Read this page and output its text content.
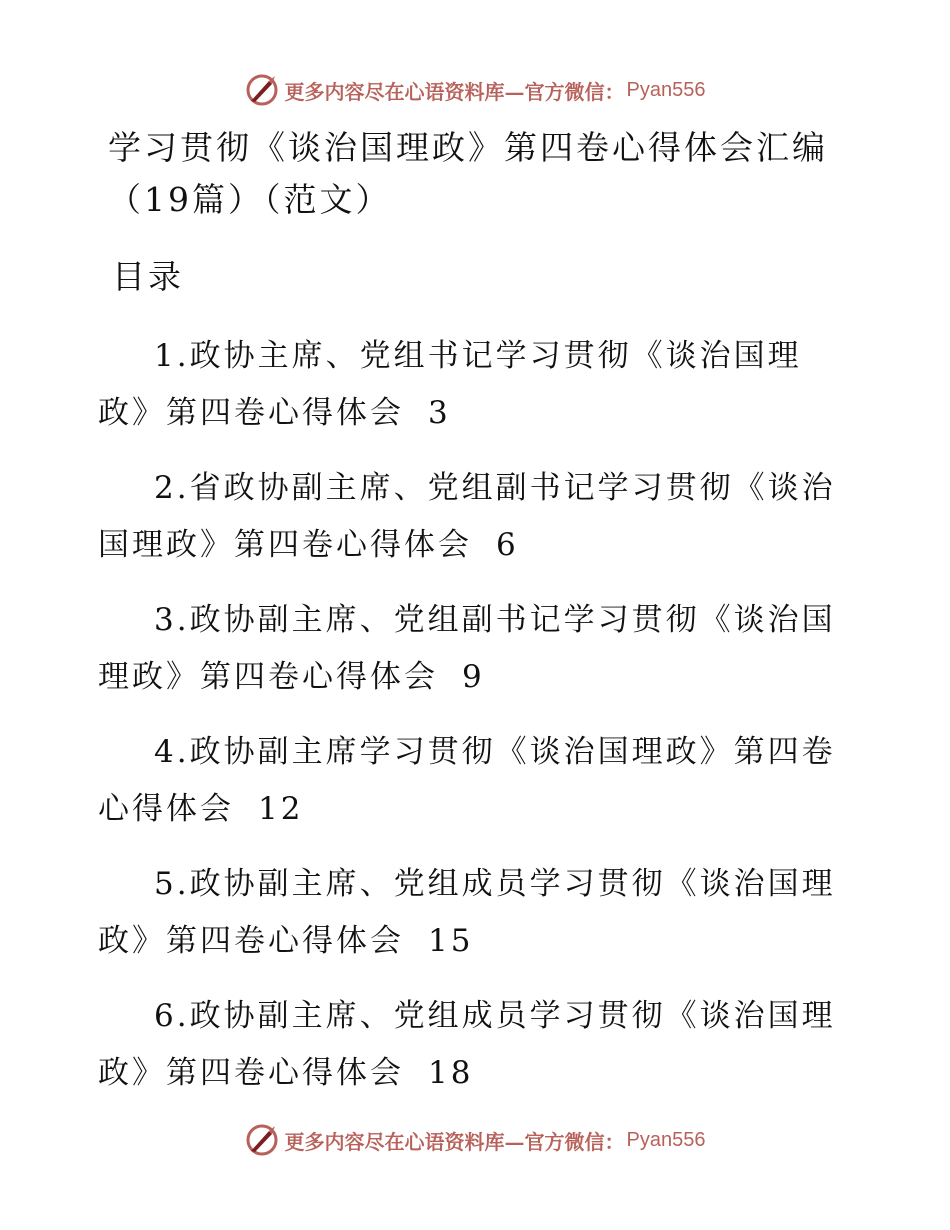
更多内容尽在心语资料库—官方微信： Pyan556
学习贯彻《谈治国理政》第四卷心得体会汇编（19篇）（范文）
目录
1.政协主席、党组书记学习贯彻《谈治国理政》第四卷心得体会 3
2.省政协副主席、党组副书记学习贯彻《谈治国理政》第四卷心得体会 6
3.政协副主席、党组副书记学习贯彻《谈治国理政》第四卷心得体会 9
4.政协副主席学习贯彻《谈治国理政》第四卷心得体会 12
5.政协副主席、党组成员学习贯彻《谈治国理政》第四卷心得体会 15
6.政协副主席、党组成员学习贯彻《谈治国理政》第四卷心得体会 18
更多内容尽在心语资料库—官方微信： Pyan556
